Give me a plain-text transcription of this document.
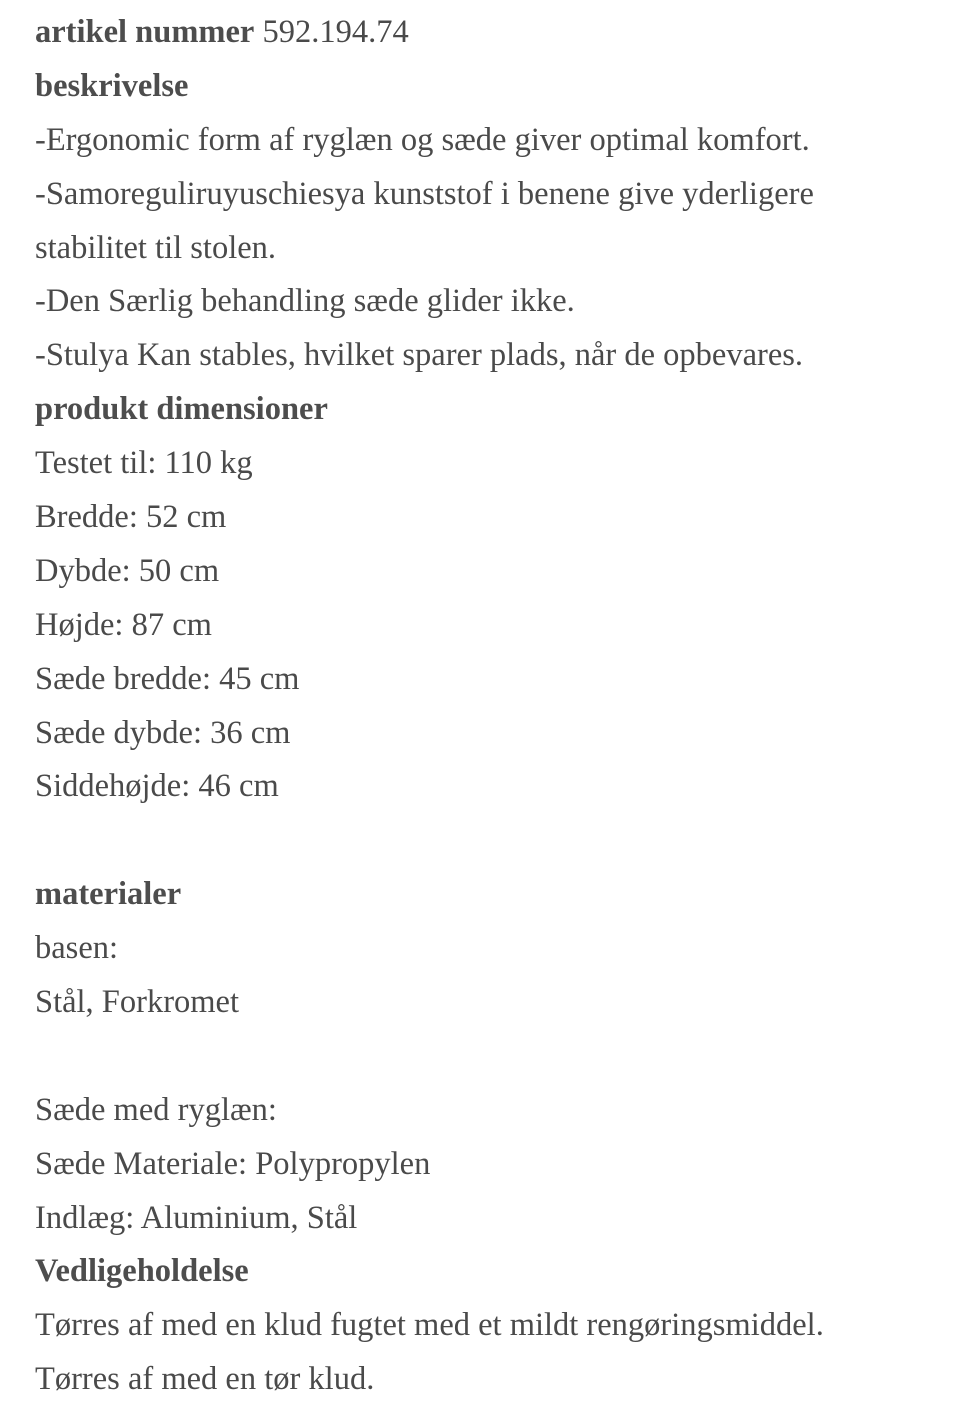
artikel nummer 592.194.74
beskrivelse
-Ergonomic form af ryglæn og sæde giver optimal komfort.
-Samoreguliruyuschiesya kunststof i benene give yderligere
stabilitet til stolen.
-Den Særlig behandling sæde glider ikke.
-Stulya Kan stables, hvilket sparer plads, når de opbevares.
produkt dimensioner
Testet til: 110 kg
Bredde: 52 cm
Dybde: 50 cm
Højde: 87 cm
Sæde bredde: 45 cm
Sæde dybde: 36 cm
Siddehøjde: 46 cm
materialer
basen:
Stål, Forkromet
Sæde med ryglæn:
Sæde Materiale: Polypropylen
Indlæg: Aluminium, Stål
Vedligeholdelse
Tørres af med en klud fugtet med et mildt rengøringsmiddel.
Tørres af med en tør klud.
